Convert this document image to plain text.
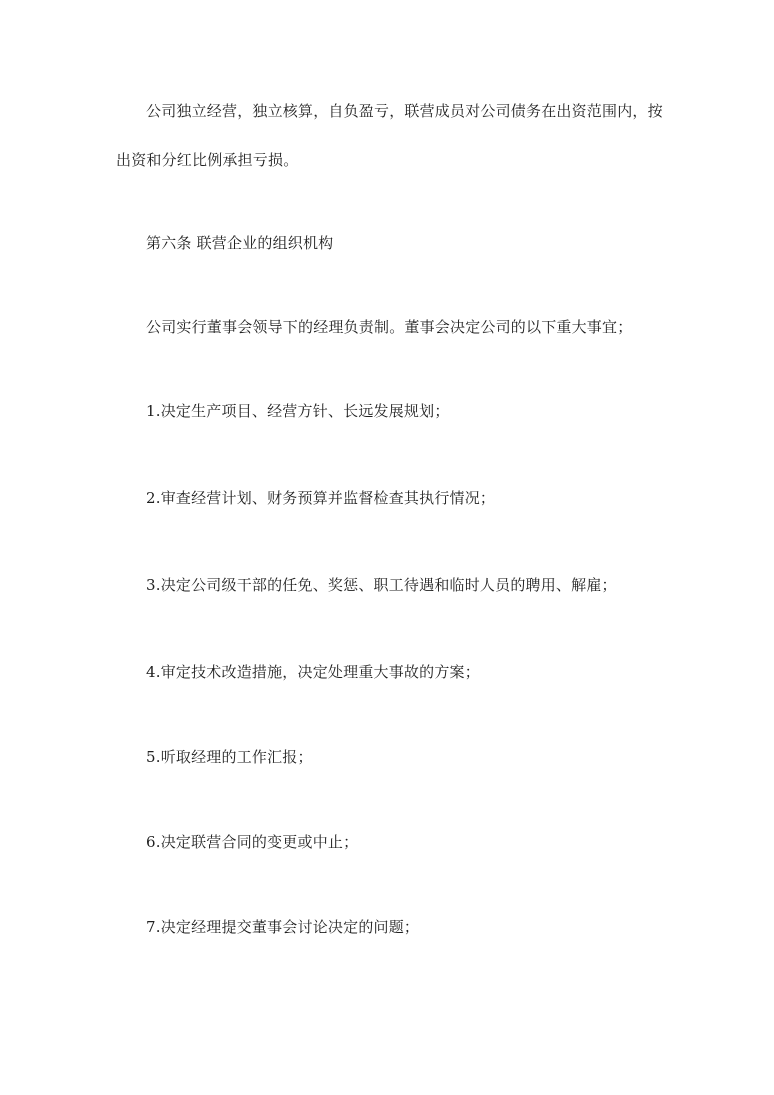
公司独立经营，独立核算，自负盈亏，联营成员对公司债务在出资范围内，按

出资和分红比例承担亏损。

第六条 联营企业的组织机构

公司实行董事会领导下的经理负责制。董事会决定公司的以下重大事宜；

1.决定生产项目、经营方针、长远发展规划；

2.审查经营计划、财务预算并监督检查其执行情况；

3.决定公司级干部的任免、奖惩、职工待遇和临时人员的聘用、解雇；

4.审定技术改造措施，决定处理重大事故的方案；

5.听取经理的工作汇报；

6.决定联营合同的变更或中止；

7.决定经理提交董事会讨论决定的问题；
